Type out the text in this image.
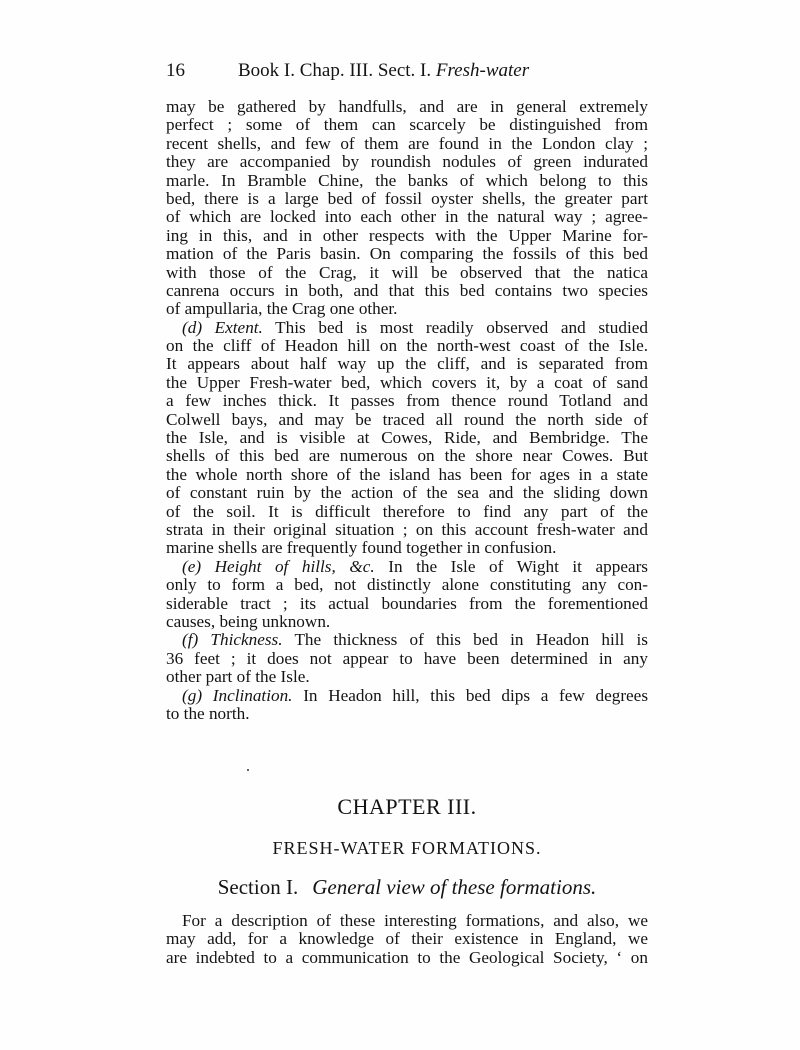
16	Book I. Chap. III. Sect. I. Fresh-water
may be gathered by handfulls, and are in general extremely
perfect ; some of them can scarcely be distinguished from
recent shells, and few of them are found in the London clay ;
they are accompanied by roundish nodules of green indurated
marle. In Bramble Chine, the banks of which belong to this
bed, there is a large bed of fossil oyster shells, the greater part
of which are locked into each other in the natural way ; agree-
ing in this, and in other respects with the Upper Marine for-
mation of the Paris basin. On comparing the fossils of this bed
with those of the Crag, it will be observed that the natica
canrena occurs in both, and that this bed contains two species
of ampullaria, the Crag one other.
(d) Extent. This bed is most readily observed and studied
on the cliff of Headon hill on the north-west coast of the Isle.
It appears about half way up the cliff, and is separated from
the Upper Fresh-water bed, which covers it, by a coat of sand
a few inches thick. It passes from thence round Totland and
Colwell bays, and may be traced all round the north side of
the Isle, and is visible at Cowes, Ride, and Bembridge. The
shells of this bed are numerous on the shore near Cowes. But
the whole north shore of the island has been for ages in a state
of constant ruin by the action of the sea and the sliding down
of the soil. It is difficult therefore to find any part of the
strata in their original situation ; on this account fresh-water and
marine shells are frequently found together in confusion.
(e) Height of hills, &c. In the Isle of Wight it appears
only to form a bed, not distinctly alone constituting any con-
siderable tract ; its actual boundaries from the forementioned
causes, being unknown.
(f) Thickness. The thickness of this bed in Headon hill is
36 feet ; it does not appear to have been determined in any
other part of the Isle.
(g) Inclination. In Headon hill, this bed dips a few degrees
to the north.
CHAPTER III.
FRESH-WATER FORMATIONS.
Section I. General view of these formations.
For a description of these interesting formations, and also, we
may add, for a knowledge of their existence in England, we
are indebted to a communication to the Geological Society, ‘ on
